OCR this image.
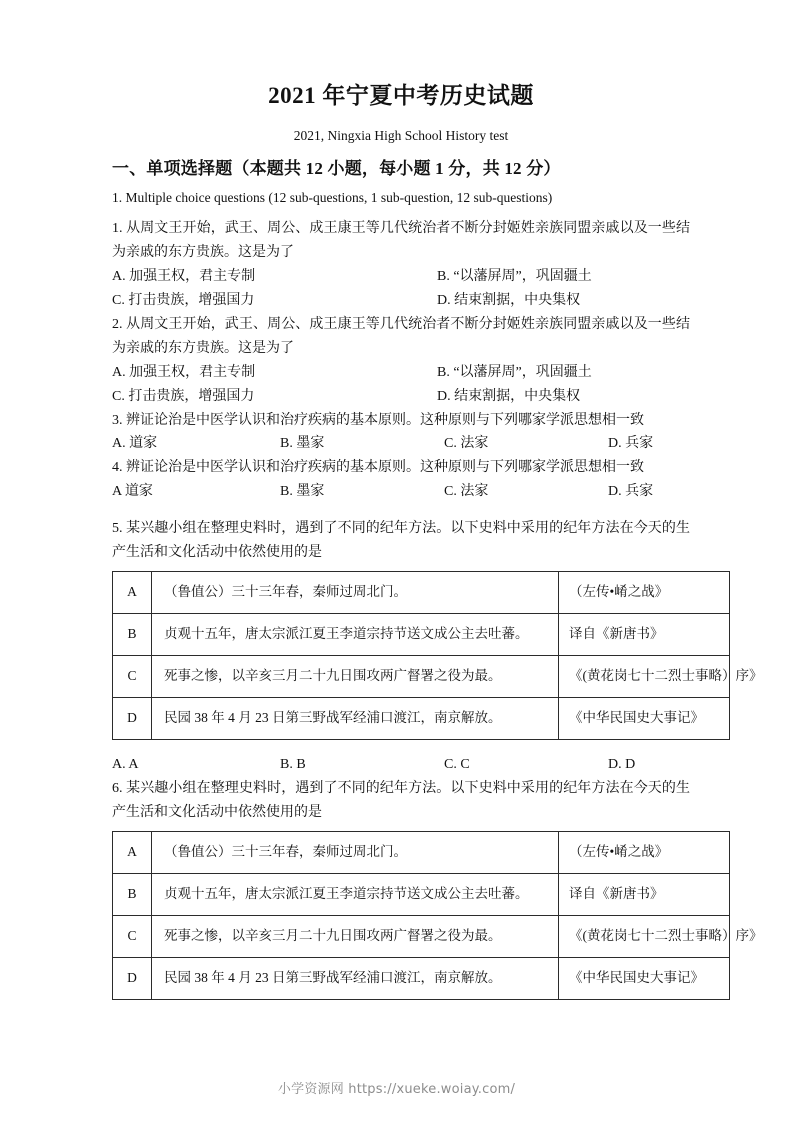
2021 年宁夏中考历史试题
2021, Ningxia High School History test
一、单项选择题（本题共 12 小题，每小题 1 分，共 12 分）
1. Multiple choice questions (12 sub-questions, 1 sub-question, 12 sub-questions)

1. 从周文王开始，武王、周公、成王康王等几代统治者不断分封姬姓亲族同盟亲戚以及一些结为亲戚的东方贵族。这是为了

A. 加强王权，君主专制	B. “以藩屏周”，巩固疆土
C. 打击贵族，增强国力	D. 结束割据，中央集权

2. 从周文王开始，武王、周公、成王康王等几代统治者不断分封姬姓亲族同盟亲戚以及一些结为亲戚的东方贵族。这是为了

A. 加强王权，君主专制	B. “以藩屏周”，巩固疆土
C. 打击贵族，增强国力	D. 结束割据，中央集权

3. 辨证论治是中医学认识和治疗疾病的基本原则。这种原则与下列哪家学派思想相一致

A. 道家	B. 墨家	C. 法家	D. 兵家

4. 辨证论治是中医学认识和治疗疾病的基本原则。这种原则与下列哪家学派思想相一致

A 道家	B. 墨家	C. 法家	D. 兵家

5. 某兴趣小组在整理史料时，遇到了不同的纪年方法。以下史料中采用的纪年方法在今天的生产生活和文化活动中依然使用的是

A	（鲁值公）三十三年春，秦师过周北门。	（左传•崤之战》
B	贞观十五年，唐太宗派江夏王李道宗持节送文成公主去吐蕃。	译自《新唐书》
C	死事之惨，以辛亥三月二十九日围攻两广督署之役为最。	《(黄花岗七十二烈士事略）序》
D	民园 38 年 4 月 23 日第三野战军经浦口渡江，南京解放。	《中华民国史大事记》
A. A	B. B	C. C	D. D

6. 某兴趣小组在整理史料时，遇到了不同的纪年方法。以下史料中采用的纪年方法在今天的生产生活和文化活动中依然使用的是

A	（鲁值公）三十三年春，秦师过周北门。	（左传•崤之战》
B	贞观十五年，唐太宗派江夏王李道宗持节送文成公主去吐蕃。	译自《新唐书》
C	死事之惨，以辛亥三月二十九日围攻两广督署之役为最。	《(黄花岗七十二烈士事略）序》
D	民园 38 年 4 月 23 日第三野战军经浦口渡江，南京解放。	《中华民国史大事记》
小学资源网 https://xueke.woiay.com/
